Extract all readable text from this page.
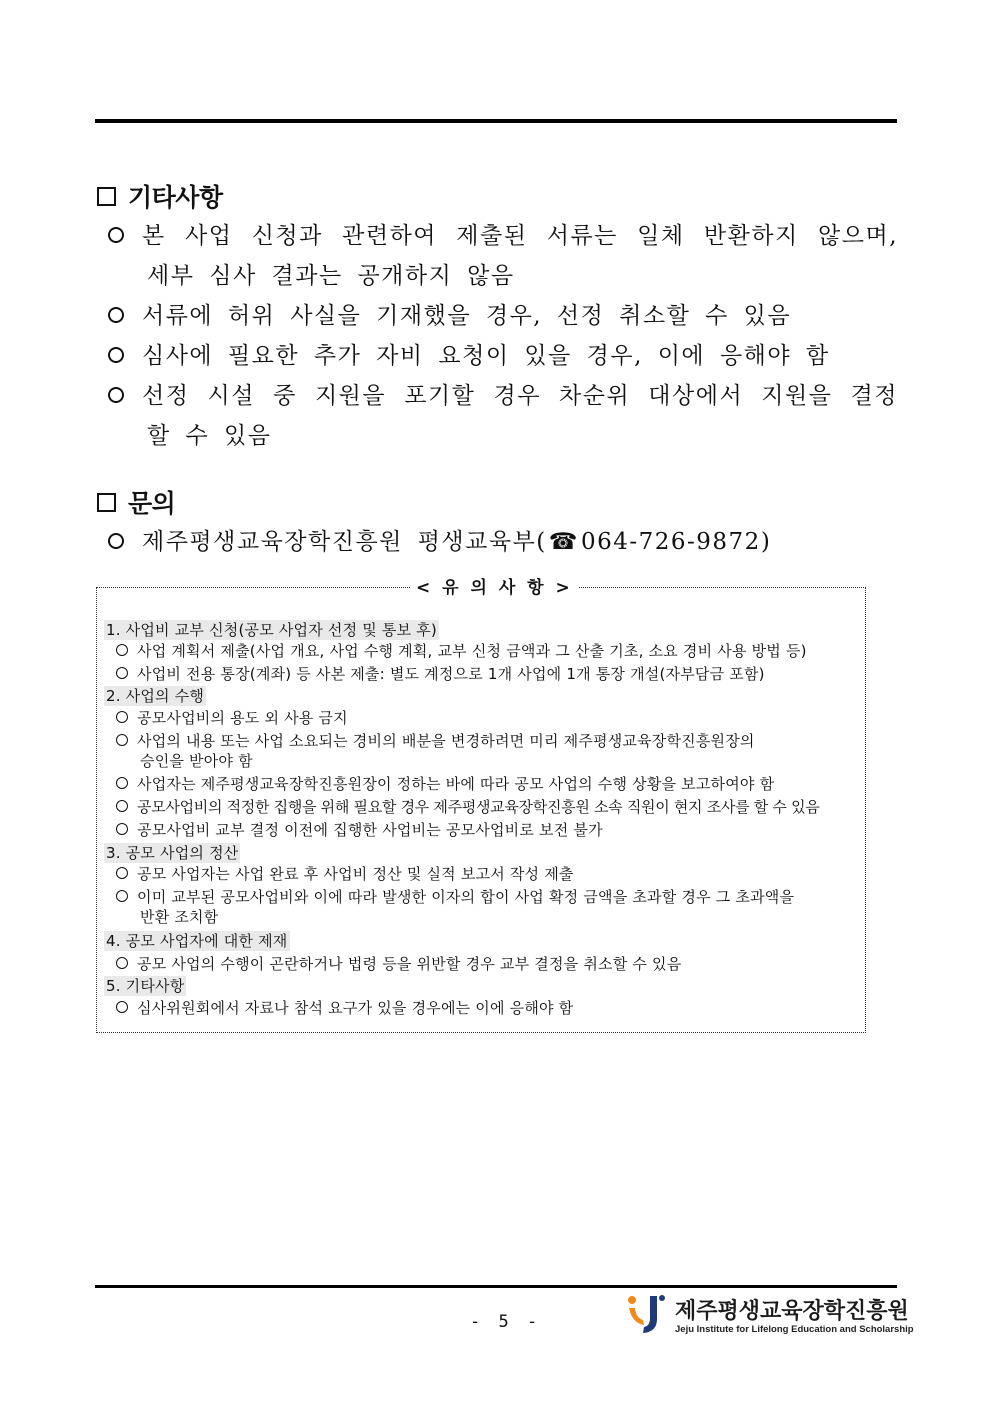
기타사항
본 사업 신청과 관련하여 제출된 서류는 일체 반환하지 않으며,
세부 심사 결과는 공개하지 않음
서류에 허위 사실을 기재했을 경우, 선정 취소할 수 있음
심사에 필요한 추가 자비 요청이 있을 경우, 이에 응해야 함
선정 시설 중 지원을 포기할 경우 차순위 대상에서 지원을 결정
할 수 있음
문의
제주평생교육장학진흥원 평생교육부(☎064-726-9872)
< 유 의 사 항 >
1. 사업비 교부 신청(공모 사업자 선정 및 통보 후)
사업 계획서 제출(사업 개요, 사업 수행 계획, 교부 신청 금액과 그 산출 기초, 소요 경비 사용 방법 등)
사업비 전용 통장(계좌) 등 사본 제출: 별도 계정으로 1개 사업에 1개 통장 개설(자부담금 포함)
2. 사업의 수행
공모사업비의 용도 외 사용 금지
사업의 내용 또는 사업 소요되는 경비의 배분을 변경하려면 미리 제주평생교육장학진흥원장의
승인을 받아야 함
사업자는 제주평생교육장학진흥원장이 정하는 바에 따라 공모 사업의 수행 상황을 보고하여야 함
공모사업비의 적정한 집행을 위해 필요할 경우 제주평생교육장학진흥원 소속 직원이 현지 조사를 할 수 있음
공모사업비 교부 결정 이전에 집행한 사업비는 공모사업비로 보전 불가
3. 공모 사업의 정산
공모 사업자는 사업 완료 후 사업비 정산 및 실적 보고서 작성 제출
이미 교부된 공모사업비와 이에 따라 발생한 이자의 합이 사업 확정 금액을 초과할 경우 그 초과액을
반환 조치함
4. 공모 사업자에 대한 제재
공모 사업의 수행이 곤란하거나 법령 등을 위반할 경우 교부 결정을 취소할 수 있음
5. 기타사항
심사위원회에서 자료나 참석 요구가 있을 경우에는 이에 응해야 함
- 5 -	제주평생교육장학진흥원
Jeju Institute for Lifelong Education and Scholarship
